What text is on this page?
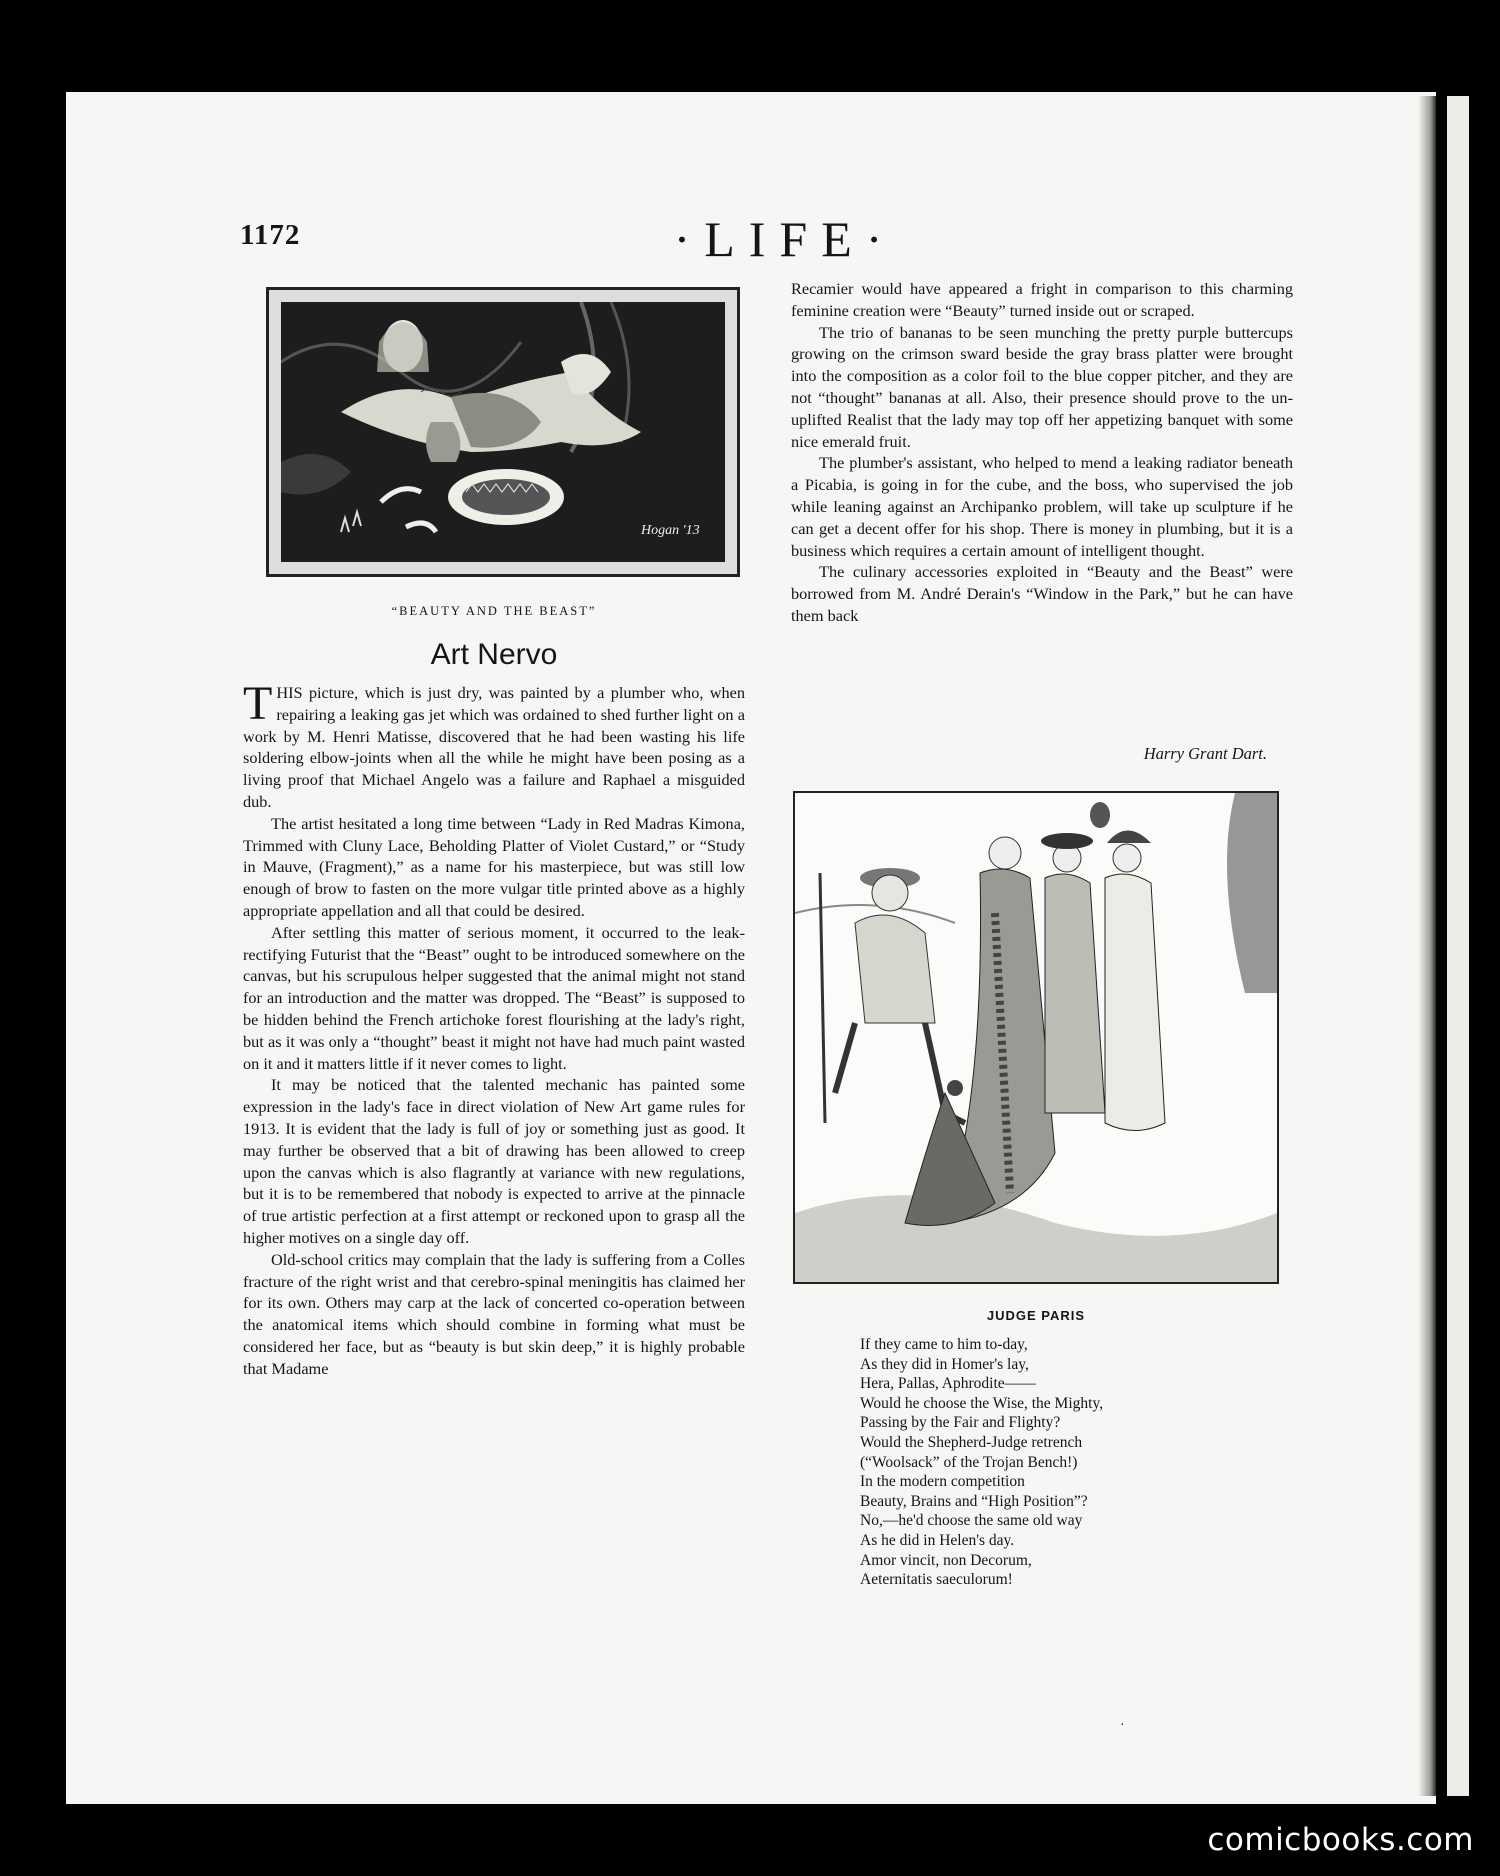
1172	·LIFE·
Hogan '13
“BEAUTY AND THE BEAST”
Art Nervo

THIS picture, which is just dry, was painted by a plumber who, when repairing a leaking gas jet which was ordained to shed further light on a work by M. Henri Matisse, discovered that he had been wasting his life soldering elbow-joints when all the while he might have been posing as a living proof that Michael Angelo was a failure and Raphael a misguided dub.

The artist hesitated a long time between “Lady in Red Madras Kimona, Trimmed with Cluny Lace, Beholding Platter of Violet Custard,” or “Study in Mauve, (Fragment),” as a name for his masterpiece, but was still low enough of brow to fasten on the more vulgar title printed above as a highly appropriate appellation and all that could be desired.

After settling this matter of serious moment, it occurred to the leak-rectifying Futurist that the “Beast” ought to be introduced somewhere on the canvas, but his scrupulous helper suggested that the animal might not stand for an introduction and the matter was dropped. The “Beast” is supposed to be hidden behind the French artichoke forest flourishing at the lady's right, but as it was only a “thought” beast it might not have had much paint wasted on it and it matters little if it never comes to light.

It may be noticed that the talented mechanic has painted some expression in the lady's face in direct violation of New Art game rules for 1913. It is evident that the lady is full of joy or something just as good. It may further be observed that a bit of drawing has been allowed to creep upon the canvas which is also flagrantly at variance with new regulations, but it is to be remembered that nobody is expected to arrive at the pinnacle of true artistic perfection at a first attempt or reckoned upon to grasp all the higher motives on a single day off.

Old-school critics may complain that the lady is suffering from a Colles fracture of the right wrist and that cerebro-spinal meningitis has claimed her for its own. Others may carp at the lack of concerted co-operation between the anatomical items which should combine in forming what must be considered her face, but as “beauty is but skin deep,” it is highly probable that Madame

Recamier would have appeared a fright in comparison to this charming feminine creation were “Beauty” turned inside out or scraped.

The trio of bananas to be seen munching the pretty purple buttercups growing on the crimson sward beside the gray brass platter were brought into the composition as a color foil to the blue copper pitcher, and they are not “thought” bananas at all. Also, their presence should prove to the un-uplifted Realist that the lady may top off her appetizing banquet with some nice emerald fruit.

The plumber's assistant, who helped to mend a leaking radiator beneath a Picabia, is going in for the cube, and the boss, who supervised the job while leaning against an Archipanko problem, will take up sculpture if he can get a decent offer for his shop. There is money in plumbing, but it is a business which requires a certain amount of intelligent thought.

The culinary accessories exploited in “Beauty and the Beast” were borrowed from M. André Derain's “Window in the Park,” but he can have them back

Harry Grant Dart.
JUDGE PARIS
If they came to him to-day,
As they did in Homer's lay,
Hera, Pallas, Aphrodite——
Would he choose the Wise, the Mighty,
Passing by the Fair and Flighty?
Would the Shepherd-Judge retrench
(“Woolsack” of the Trojan Bench!)
In the modern competition
Beauty, Brains and “High Position”?
No,—he'd choose the same old way
As he did in Helen's day.
Amor vincit, non Decorum,
Aeternitatis saeculorum!
·
comicbooks.com
